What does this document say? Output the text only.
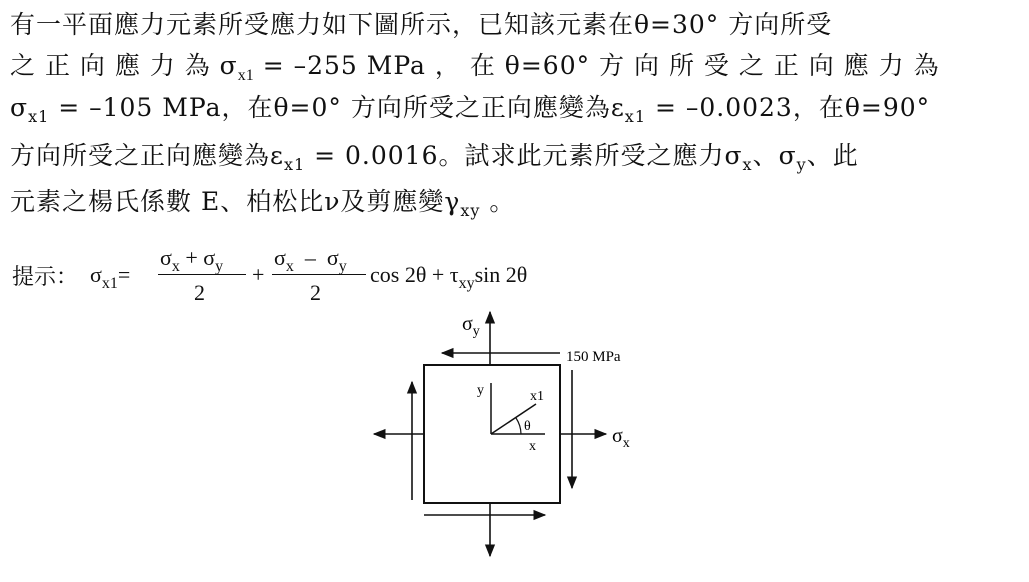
有一平面應力元素所受應力如下圖所示，已知該元素在θ=30° 方向所受
之 正 向 應 力 為 $\sigma_{x1} = -255$ MPa ， 在 θ=60° 方 向 所 受 之 正 向 應 力 為
$\sigma_{x1} = -105$ MPa，在θ=0° 方向所受之正向應變為$\varepsilon_{x1} = -0.0023$，在θ=90°
方向所受之正向應變為$\varepsilon_{x1} = 0.0016$。試求此元素所受之應力$\sigma_x$、$\sigma_y$、此
元素之楊氏係數 E、柏松比ν及剪應變$\gamma_{xy}$ 。
提示： $\sigma_{x1}=$
$\sigma_x + \sigma_y$
2
+
$\sigma_x - \sigma_y$
2
$\cos 2\theta + \tau_{xy}\sin$ 2θ
$\sigma_y$
$\sigma_x$
150 MPa
y	x1
θ
x
